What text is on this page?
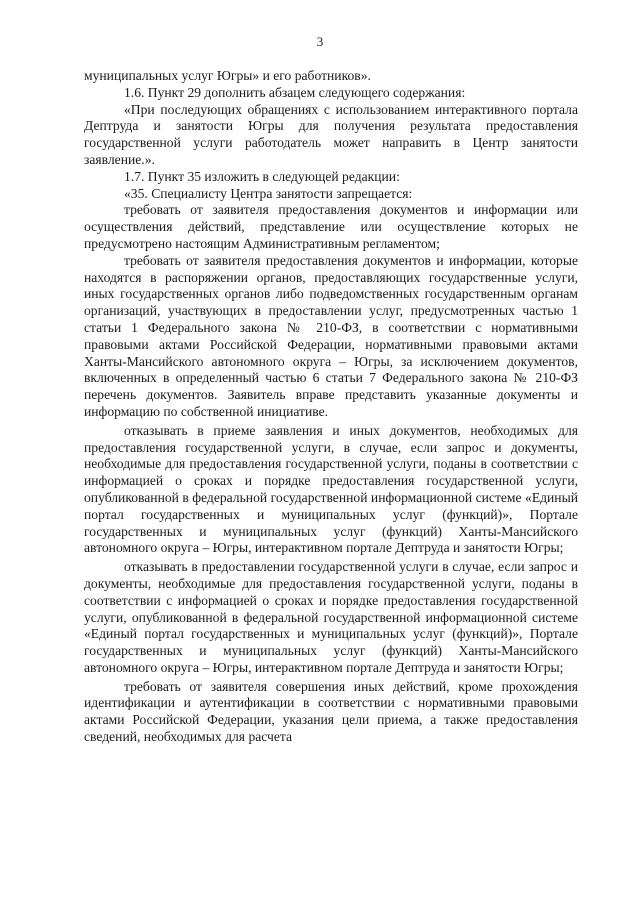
3

муниципальных услуг Югры» и его работников».

1.6. Пункт 29 дополнить абзацем следующего содержания:

«При последующих обращениях с использованием интерактивного портала Дептруда и занятости Югры для получения результата предоставления государственной услуги работодатель может направить в Центр занятости заявление.».

1.7. Пункт 35 изложить в следующей редакции:

«35. Специалисту Центра занятости запрещается:

требовать от заявителя предоставления документов и информации или осуществления действий, представление или осуществление которых не предусмотрено настоящим Административным регламентом;

требовать от заявителя предоставления документов и информации, которые находятся в распоряжении органов, предоставляющих государственные услуги, иных государственных органов либо подведомственных государственным органам организаций, участвующих в предоставлении услуг, предусмотренных частью 1 статьи 1 Федерального закона № 210-ФЗ, в соответствии с нормативными правовыми актами Российской Федерации, нормативными правовыми актами Ханты-Мансийского автономного округа – Югры, за исключением документов, включенных в определенный частью 6 статьи 7 Федерального закона № 210-ФЗ перечень документов. Заявитель вправе представить указанные документы и информацию по собственной инициативе.

отказывать в приеме заявления и иных документов, необходимых для предоставления государственной услуги, в случае, если запрос и документы, необходимые для предоставления государственной услуги, поданы в соответствии с информацией о сроках и порядке предоставления государственной услуги, опубликованной в федеральной государственной информационной системе «Единый портал государственных и муниципальных услуг (функций)», Портале государственных и муниципальных услуг (функций) Ханты-Мансийского автономного округа – Югры, интерактивном портале Дептруда и занятости Югры;

отказывать в предоставлении государственной услуги в случае, если запрос и документы, необходимые для предоставления государственной услуги, поданы в соответствии с информацией о сроках и порядке предоставления государственной услуги, опубликованной в федеральной государственной информационной системе «Единый портал государственных и муниципальных услуг (функций)», Портале государственных и муниципальных услуг (функций) Ханты-Мансийского автономного округа – Югры, интерактивном портале Дептруда и занятости Югры;

требовать от заявителя совершения иных действий, кроме прохождения идентификации и аутентификации в соответствии с нормативными правовыми актами Российской Федерации, указания цели приема, а также предоставления сведений, необходимых для расчета
